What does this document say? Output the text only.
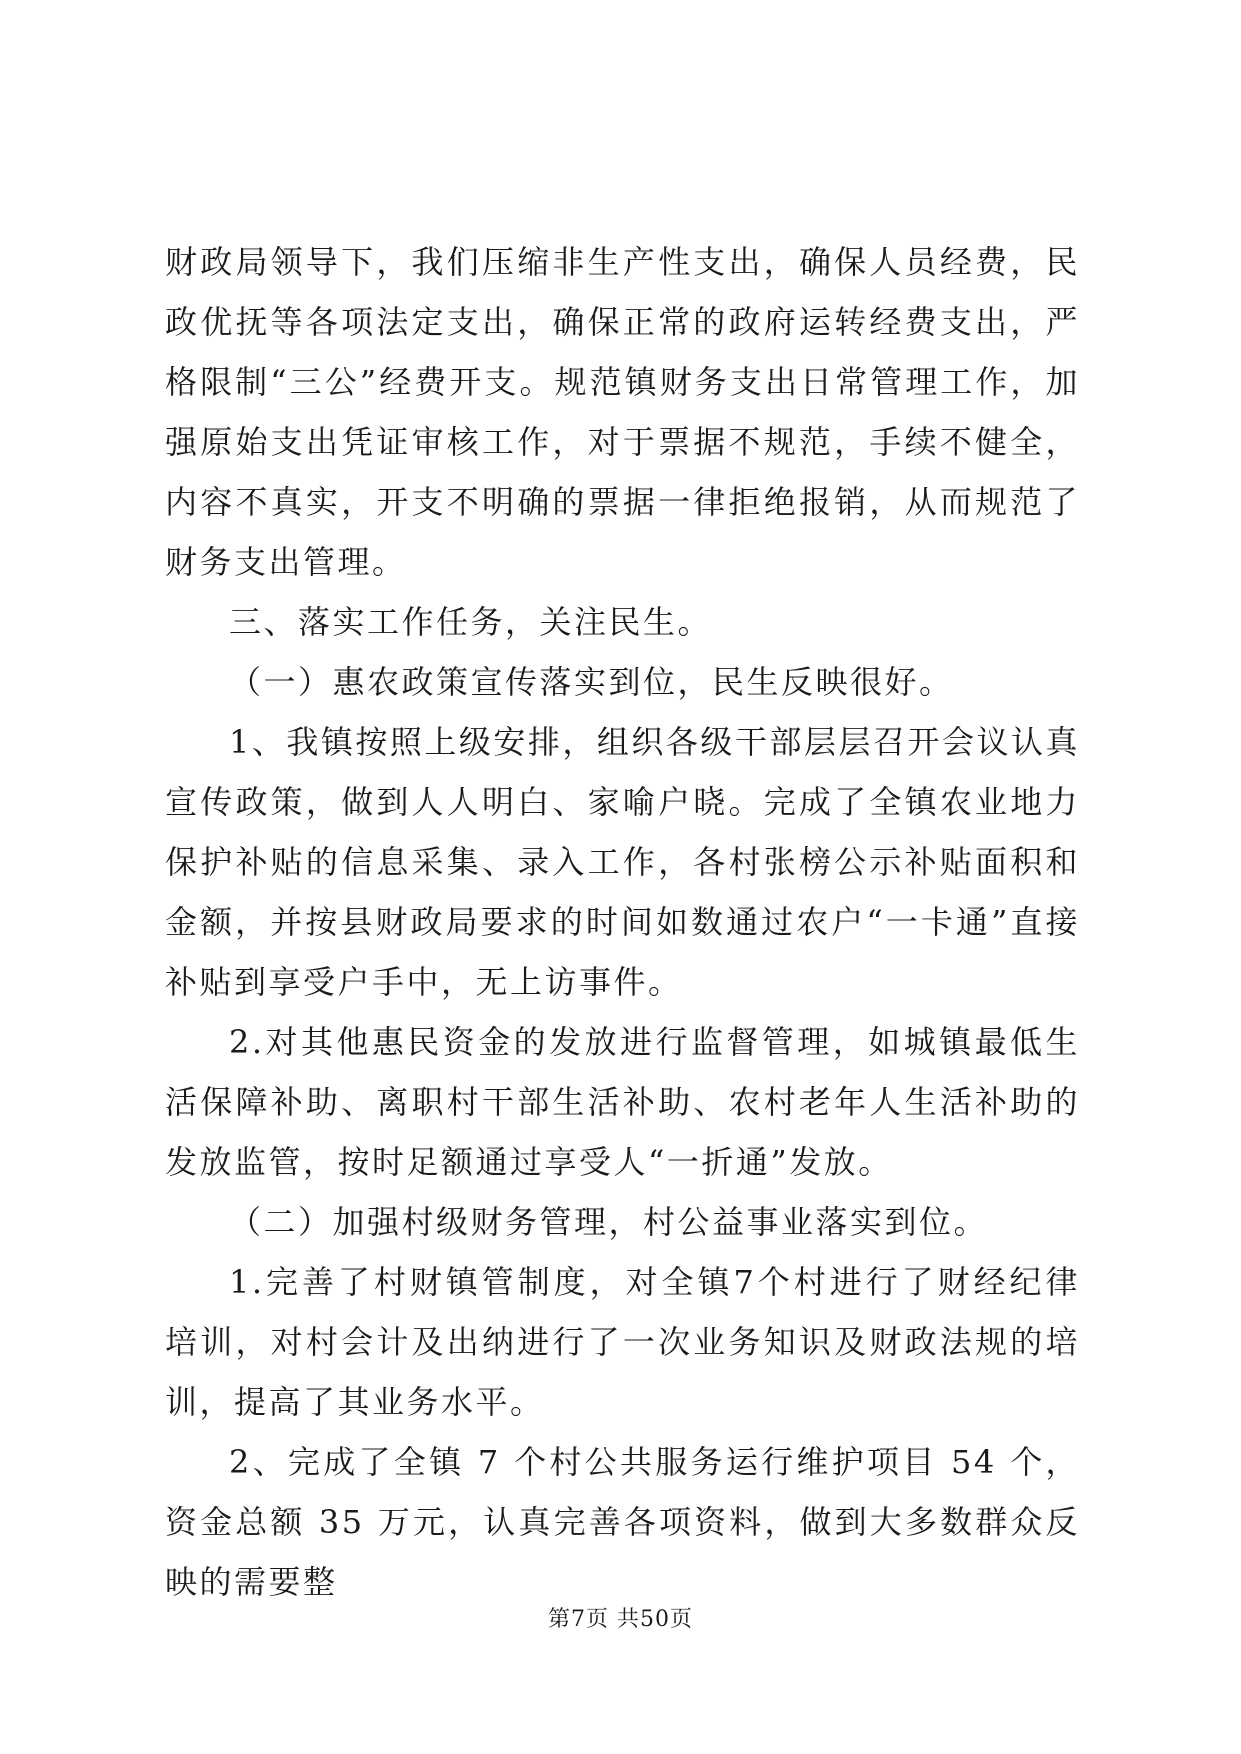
财政局领导下，我们压缩非生产性支出，确保人员经费，民政优抚等各项法定支出，确保正常的政府运转经费支出，严格限制“三公”经费开支。规范镇财务支出日常管理工作，加强原始支出凭证审核工作，对于票据不规范，手续不健全，内容不真实，开支不明确的票据一律拒绝报销，从而规范了财务支出管理。

三、落实工作任务，关注民生。

（一）惠农政策宣传落实到位，民生反映很好。

1、我镇按照上级安排，组织各级干部层层召开会议认真宣传政策，做到人人明白、家喻户晓。完成了全镇农业地力保护补贴的信息采集、录入工作，各村张榜公示补贴面积和金额，并按县财政局要求的时间如数通过农户“一卡通”直接补贴到享受户手中，无上访事件。

2.对其他惠民资金的发放进行监督管理，如城镇最低生活保障补助、离职村干部生活补助、农村老年人生活补助的发放监管，按时足额通过享受人“一折通”发放。

（二）加强村级财务管理，村公益事业落实到位。

1.完善了村财镇管制度，对全镇7个村进行了财经纪律培训，对村会计及出纳进行了一次业务知识及财政法规的培训，提高了其业务水平。

2、完成了全镇 7 个村公共服务运行维护项目 54 个，资金总额 35 万元，认真完善各项资料，做到大多数群众反映的需要整

第7页 共50页
